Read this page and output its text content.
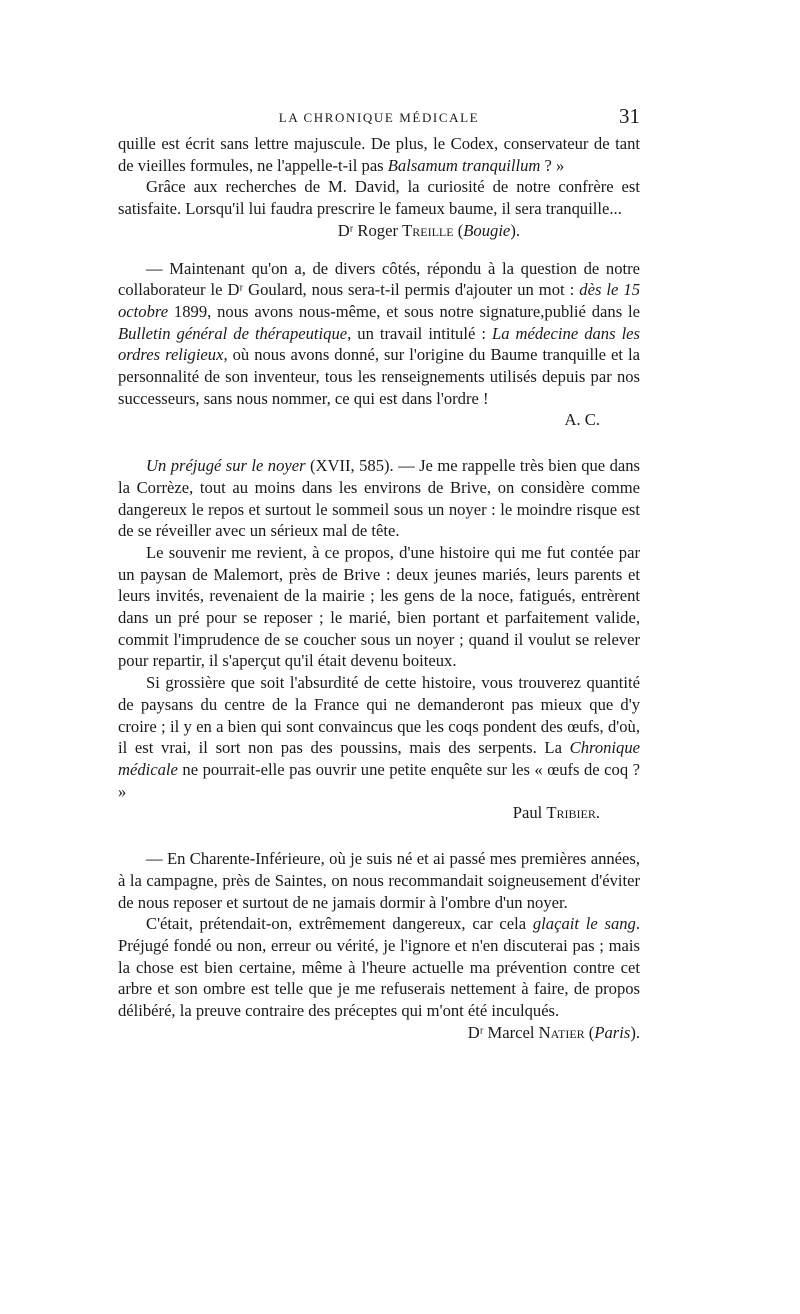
LA CHRONIQUE MÉDICALE	31

quille est écrit sans lettre majuscule. De plus, le Codex, conservateur de tant de vieilles formules, ne l'appelle-t-il pas Balsamum tranquillum ? »

Grâce aux recherches de M. David, la curiosité de notre confrère est satisfaite. Lorsqu'il lui faudra prescrire le fameux baume, il sera tranquille...

Dʳ Roger Treille (Bougie).

— Maintenant qu'on a, de divers côtés, répondu à la question de notre collaborateur le Dʳ Goulard, nous sera-t-il permis d'ajouter un mot : dès le 15 octobre 1899, nous avons nous-même, et sous notre signature,publié dans le Bulletin général de thérapeutique, un travail intitulé : La médecine dans les ordres religieux, où nous avons donné, sur l'origine du Baume tranquille et la personnalité de son inventeur, tous les renseignements utilisés depuis par nos successeurs, sans nous nommer, ce qui est dans l'ordre !

A. C.

Un préjugé sur le noyer (XVII, 585). — Je me rappelle très bien que dans la Corrèze, tout au moins dans les environs de Brive, on considère comme dangereux le repos et surtout le sommeil sous un noyer : le moindre risque est de se réveiller avec un sérieux mal de tête.

Le souvenir me revient, à ce propos, d'une histoire qui me fut contée par un paysan de Malemort, près de Brive : deux jeunes mariés, leurs parents et leurs invités, revenaient de la mairie ; les gens de la noce, fatigués, entrèrent dans un pré pour se reposer ; le marié, bien portant et parfaitement valide, commit l'imprudence de se coucher sous un noyer ; quand il voulut se relever pour repartir, il s'aperçut qu'il était devenu boiteux.

Si grossière que soit l'absurdité de cette histoire, vous trouverez quantité de paysans du centre de la France qui ne demanderont pas mieux que d'y croire ; il y en a bien qui sont convaincus que les coqs pondent des œufs, d'où, il est vrai, il sort non pas des poussins, mais des serpents. La Chronique médicale ne pourrait-elle pas ouvrir une petite enquête sur les « œufs de coq ? »

Paul Tribier.

— En Charente-Inférieure, où je suis né et ai passé mes premières années, à la campagne, près de Saintes, on nous recommandait soigneusement d'éviter de nous reposer et surtout de ne jamais dormir à l'ombre d'un noyer.

C'était, prétendait-on, extrêmement dangereux, car cela glaçait le sang. Préjugé fondé ou non, erreur ou vérité, je l'ignore et n'en discuterai pas ; mais la chose est bien certaine, même à l'heure actuelle ma prévention contre cet arbre et son ombre est telle que je me refuserais nettement à faire, de propos délibéré, la preuve contraire des préceptes qui m'ont été inculqués.

Dʳ Marcel Natier (Paris).
